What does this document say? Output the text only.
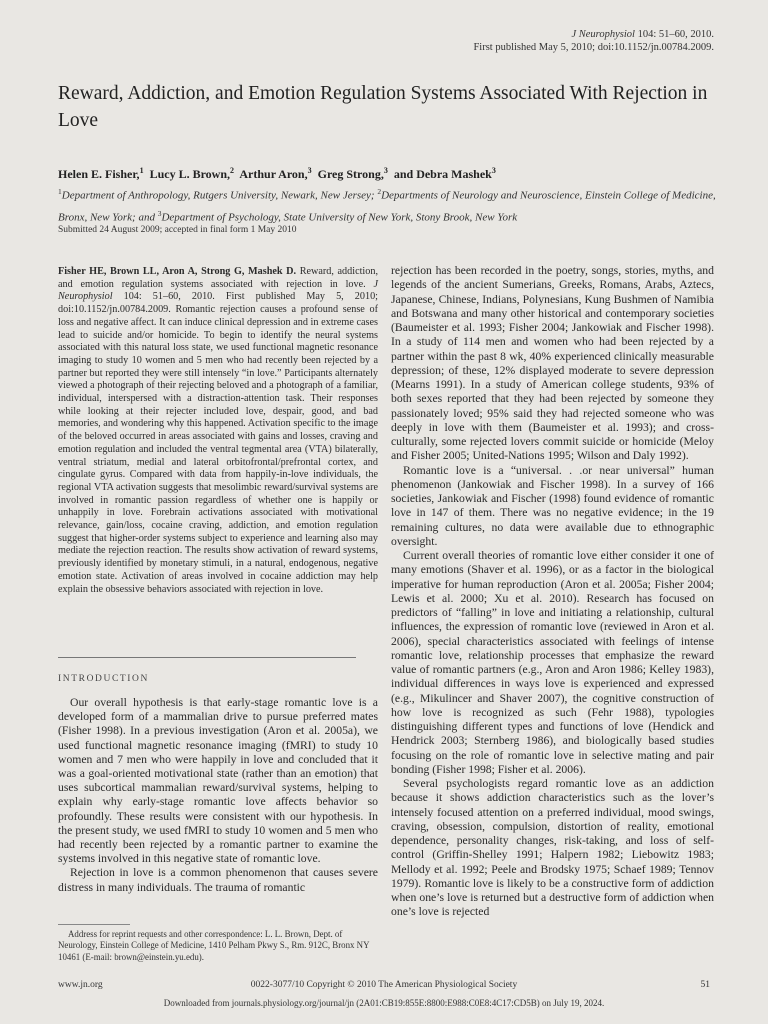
J Neurophysiol 104: 51–60, 2010.
First published May 5, 2010; doi:10.1152/jn.00784.2009.
Reward, Addiction, and Emotion Regulation Systems Associated With Rejection in Love
Helen E. Fisher,$^1$ Lucy L. Brown,$^2$ Arthur Aron,$^3$ Greg Strong,$^3$ and Debra Mashek$^3$
$^1$Department of Anthropology, Rutgers University, Newark, New Jersey; $^2$Departments of Neurology and Neuroscience, Einstein College of Medicine, Bronx, New York; and $^3$Department of Psychology, State University of New York, Stony Brook, New York
Submitted 24 August 2009; accepted in final form 1 May 2010

Fisher HE, Brown LL, Aron A, Strong G, Mashek D. Reward, addiction, and emotion regulation systems associated with rejection in love. J Neurophysiol 104: 51–60, 2010. First published May 5, 2010; doi:10.1152/jn.00784.2009. Romantic rejection causes a profound sense of loss and negative affect. It can induce clinical depression and in extreme cases lead to suicide and/or homicide. To begin to identify the neural systems associated with this natural loss state, we used functional magnetic resonance imaging to study 10 women and 5 men who had recently been rejected by a partner but reported they were still intensely “in love.” Participants alternately viewed a photograph of their rejecting beloved and a photograph of a familiar, individual, interspersed with a distraction-attention task. Their responses while looking at their rejecter included love, despair, good, and bad memories, and wondering why this happened. Activation specific to the image of the beloved occurred in areas associated with gains and losses, craving and emotion regulation and included the ventral tegmental area (VTA) bilaterally, ventral striatum, medial and lateral orbitofrontal/prefrontal cortex, and cingulate gyrus. Compared with data from happily-in-love individuals, the regional VTA activation suggests that mesolimbic reward/survival systems are involved in romantic passion regardless of whether one is happily or unhappily in love. Forebrain activations associated with motivational relevance, gain/loss, cocaine craving, addiction, and emotion regulation suggest that higher-order systems subject to experience and learning also may mediate the rejection reaction. The results show activation of reward systems, previously identified by monetary stimuli, in a natural, endogenous, negative emotion state. Activation of areas involved in cocaine addiction may help explain the obsessive behaviors associated with rejection in love.

INTRODUCTION

Our overall hypothesis is that early-stage romantic love is a developed form of a mammalian drive to pursue preferred mates (Fisher 1998). In a previous investigation (Aron et al. 2005a), we used functional magnetic resonance imaging (fMRI) to study 10 women and 7 men who were happily in love and concluded that it was a goal-oriented motivational state (rather than an emotion) that uses subcortical mammalian reward/survival systems, helping to explain why early-stage romantic love affects behavior so profoundly. These results were consistent with our hypothesis. In the present study, we used fMRI to study 10 women and 5 men who had recently been rejected by a romantic partner to examine the systems involved in this negative state of romantic love.

Rejection in love is a common phenomenon that causes severe distress in many individuals. The trauma of romantic

Address for reprint requests and other correspondence: L. L. Brown, Dept. of Neurology, Einstein College of Medicine, 1410 Pelham Pkwy S., Rm. 912C, Bronx NY 10461 (E-mail: brown@einstein.yu.edu).

rejection has been recorded in the poetry, songs, stories, myths, and legends of the ancient Sumerians, Greeks, Romans, Arabs, Aztecs, Japanese, Chinese, Indians, Polynesians, Kung Bushmen of Namibia and Botswana and many other historical and contemporary societies (Baumeister et al. 1993; Fisher 2004; Jankowiak and Fischer 1998). In a study of 114 men and women who had been rejected by a partner within the past 8 wk, 40% experienced clinically measurable depression; of these, 12% displayed moderate to severe depression (Mearns 1991). In a study of American college students, 93% of both sexes reported that they had been rejected by someone they passionately loved; 95% said they had rejected someone who was deeply in love with them (Baumeister et al. 1993); and cross-culturally, some rejected lovers commit suicide or homicide (Meloy and Fisher 2005; United-Nations 1995; Wilson and Daly 1992).

Romantic love is a “universal. . .or near universal” human phenomenon (Jankowiak and Fischer 1998). In a survey of 166 societies, Jankowiak and Fischer (1998) found evidence of romantic love in 147 of them. There was no negative evidence; in the 19 remaining cultures, no data were available due to ethnographic oversight.

Current overall theories of romantic love either consider it one of many emotions (Shaver et al. 1996), or as a factor in the biological imperative for human reproduction (Aron et al. 2005a; Fisher 2004; Lewis et al. 2000; Xu et al. 2010). Research has focused on predictors of “falling” in love and initiating a relationship, cultural influences, the expression of romantic love (reviewed in Aron et al. 2006), special characteristics associated with feelings of intense romantic love, relationship processes that emphasize the reward value of romantic partners (e.g., Aron and Aron 1986; Kelley 1983), individual differences in ways love is experienced and expressed (e.g., Mikulincer and Shaver 2007), the cognitive construction of how love is recognized as such (Fehr 1988), typologies distinguishing different types and functions of love (Hendick and Hendrick 2003; Sternberg 1986), and biologically based studies focusing on the role of romantic love in selective mating and pair bonding (Fisher 1998; Fisher et al. 2006).

Several psychologists regard romantic love as an addiction because it shows addiction characteristics such as the lover’s intensely focused attention on a preferred individual, mood swings, craving, obsession, compulsion, distortion of reality, emotional dependence, personality changes, risk-taking, and loss of self-control (Griffin-Shelley 1991; Halpern 1982; Liebowitz 1983; Mellody et al. 1992; Peele and Brodsky 1975; Schaef 1989; Tennov 1979). Romantic love is likely to be a constructive form of addiction when one’s love is returned but a destructive form of addiction when one’s love is rejected

www.jn.org	0022-3077/10 Copyright © 2010 The American Physiological Society	51
Downloaded from journals.physiology.org/journal/jn (2A01:CB19:855E:8800:E988:C0E8:4C17:CD5B) on July 19, 2024.
